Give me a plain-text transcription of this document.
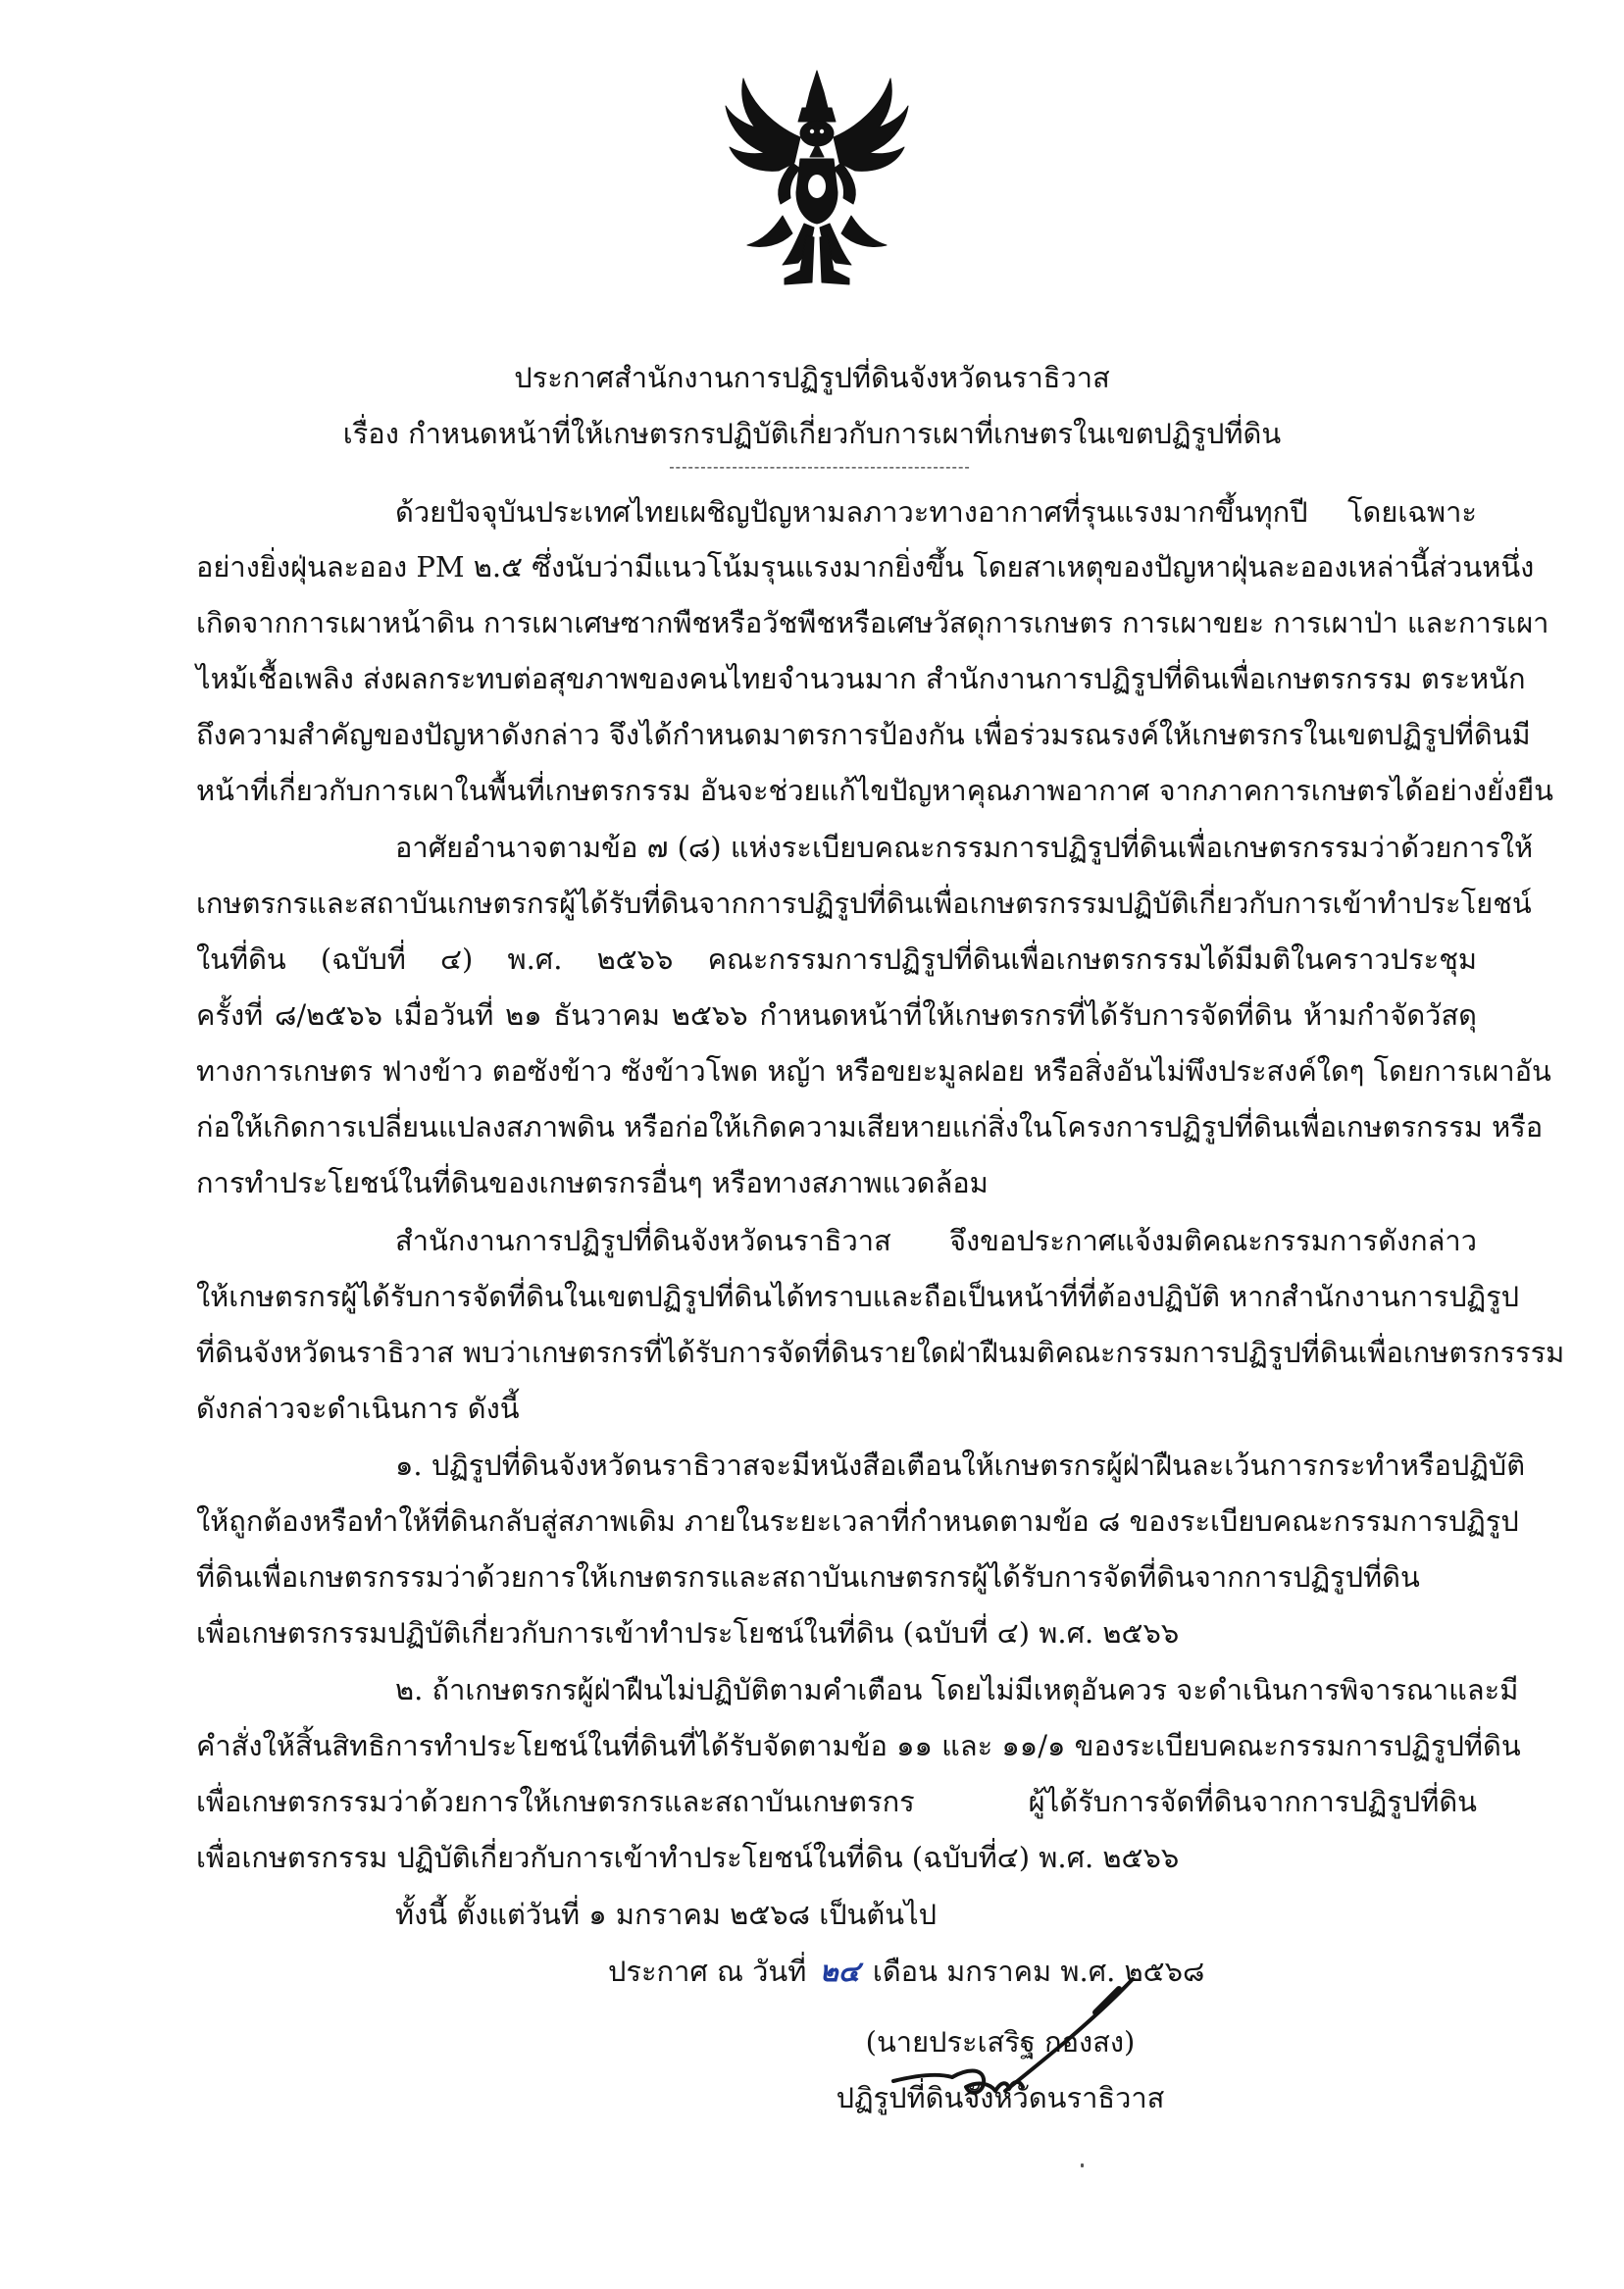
ประกาศสำนักงานการปฏิรูปที่ดินจังหวัดนราธิวาส
เรื่อง กำหนดหน้าที่ให้เกษตรกรปฏิบัติเกี่ยวกับการเผาที่เกษตรในเขตปฏิรูปที่ดิน
------------------------------------------------
ด้วยปัจจุบันประเทศไทยเผชิญปัญหามลภาวะทางอากาศที่รุนแรงมากขึ้นทุกปี โดยเฉพาะ
อย่างยิ่งฝุ่นละออง PM ๒.๕ ซึ่งนับว่ามีแนวโน้มรุนแรงมากยิ่งขึ้น โดยสาเหตุของปัญหาฝุ่นละอองเหล่านี้ส่วนหนึ่ง
เกิดจากการเผาหน้าดิน การเผาเศษซากพืชหรือวัชพืชหรือเศษวัสดุการเกษตร การเผาขยะ การเผาป่า และการเผา
ไหม้เชื้อเพลิง ส่งผลกระทบต่อสุขภาพของคนไทยจำนวนมาก สำนักงานการปฏิรูปที่ดินเพื่อเกษตรกรรม ตระหนัก
ถึงความสำคัญของปัญหาดังกล่าว จึงได้กำหนดมาตรการป้องกัน เพื่อร่วมรณรงค์ให้เกษตรกรในเขตปฏิรูปที่ดินมี
หน้าที่เกี่ยวกับการเผาในพื้นที่เกษตรกรรม อันจะช่วยแก้ไขปัญหาคุณภาพอากาศ จากภาคการเกษตรได้อย่างยั่งยืน
อาศัยอำนาจตามข้อ ๗ (๘) แห่งระเบียบคณะกรรมการปฏิรูปที่ดินเพื่อเกษตรกรรมว่าด้วยการให้
เกษตรกรและสถาบันเกษตรกรผู้ได้รับที่ดินจากการปฏิรูปที่ดินเพื่อเกษตรกรรมปฏิบัติเกี่ยวกับการเข้าทำประโยชน์
ในที่ดิน (ฉบับที่ ๔) พ.ศ. ๒๕๖๖ คณะกรรมการปฏิรูปที่ดินเพื่อเกษตรกรรมได้มีมติในคราวประชุม
ครั้งที่ ๘/๒๕๖๖ เมื่อวันที่ ๒๑ ธันวาคม ๒๕๖๖ กำหนดหน้าที่ให้เกษตรกรที่ได้รับการจัดที่ดิน ห้ามกำจัดวัสดุ
ทางการเกษตร ฟางข้าว ตอซังข้าว ซังข้าวโพด หญ้า หรือขยะมูลฝอย หรือสิ่งอันไม่พึงประสงค์ใดๆ โดยการเผาอัน
ก่อให้เกิดการเปลี่ยนแปลงสภาพดิน หรือก่อให้เกิดความเสียหายแก่สิ่งในโครงการปฏิรูปที่ดินเพื่อเกษตรกรรม หรือ
การทำประโยชน์ในที่ดินของเกษตรกรอื่นๆ หรือทางสภาพแวดล้อม
สำนักงานการปฏิรูปที่ดินจังหวัดนราธิวาส จึงขอประกาศแจ้งมติคณะกรรมการดังกล่าว
ให้เกษตรกรผู้ได้รับการจัดที่ดินในเขตปฏิรูปที่ดินได้ทราบและถือเป็นหน้าที่ที่ต้องปฏิบัติ หากสำนักงานการปฏิรูป
ที่ดินจังหวัดนราธิวาส พบว่าเกษตรกรที่ได้รับการจัดที่ดินรายใดฝ่าฝืนมติคณะกรรมการปฏิรูปที่ดินเพื่อเกษตรกรรรม
ดังกล่าวจะดำเนินการ ดังนี้
๑. ปฏิรูปที่ดินจังหวัดนราธิวาสจะมีหนังสือเตือนให้เกษตรกรผู้ฝ่าฝืนละเว้นการกระทำหรือปฏิบัติ
ให้ถูกต้องหรือทำให้ที่ดินกลับสู่สภาพเดิม ภายในระยะเวลาที่กำหนดตามข้อ ๘ ของระเบียบคณะกรรมการปฏิรูป
ที่ดินเพื่อเกษตรกรรมว่าด้วยการให้เกษตรกรและสถาบันเกษตรกรผู้ได้รับการจัดที่ดินจากการปฏิรูปที่ดิน
เพื่อเกษตรกรรมปฏิบัติเกี่ยวกับการเข้าทำประโยชน์ในที่ดิน (ฉบับที่ ๔) พ.ศ. ๒๕๖๖
๒. ถ้าเกษตรกรผู้ฝ่าฝืนไม่ปฏิบัติตามคำเตือน โดยไม่มีเหตุอันควร จะดำเนินการพิจารณาและมี
คำสั่งให้สิ้นสิทธิการทำประโยชน์ในที่ดินที่ได้รับจัดตามข้อ ๑๑ และ ๑๑/๑ ของระเบียบคณะกรรมการปฏิรูปที่ดิน
เพื่อเกษตรกรรมว่าด้วยการให้เกษตรกรและสถาบันเกษตรกร ผู้ได้รับการจัดที่ดินจากการปฏิรูปที่ดิน
เพื่อเกษตรกรรม ปฏิบัติเกี่ยวกับการเข้าทำประโยชน์ในที่ดิน (ฉบับที่๔) พ.ศ. ๒๕๖๖
ทั้งนี้ ตั้งแต่วันที่ ๑ มกราคม ๒๕๖๘ เป็นต้นไป
ประกาศ ณ วันที่ ๒๔ เดือน มกราคม พ.ศ. ๒๕๖๘
(นายประเสริฐ กองสง)
ปฏิรูปที่ดินจังหวัดนราธิวาส
